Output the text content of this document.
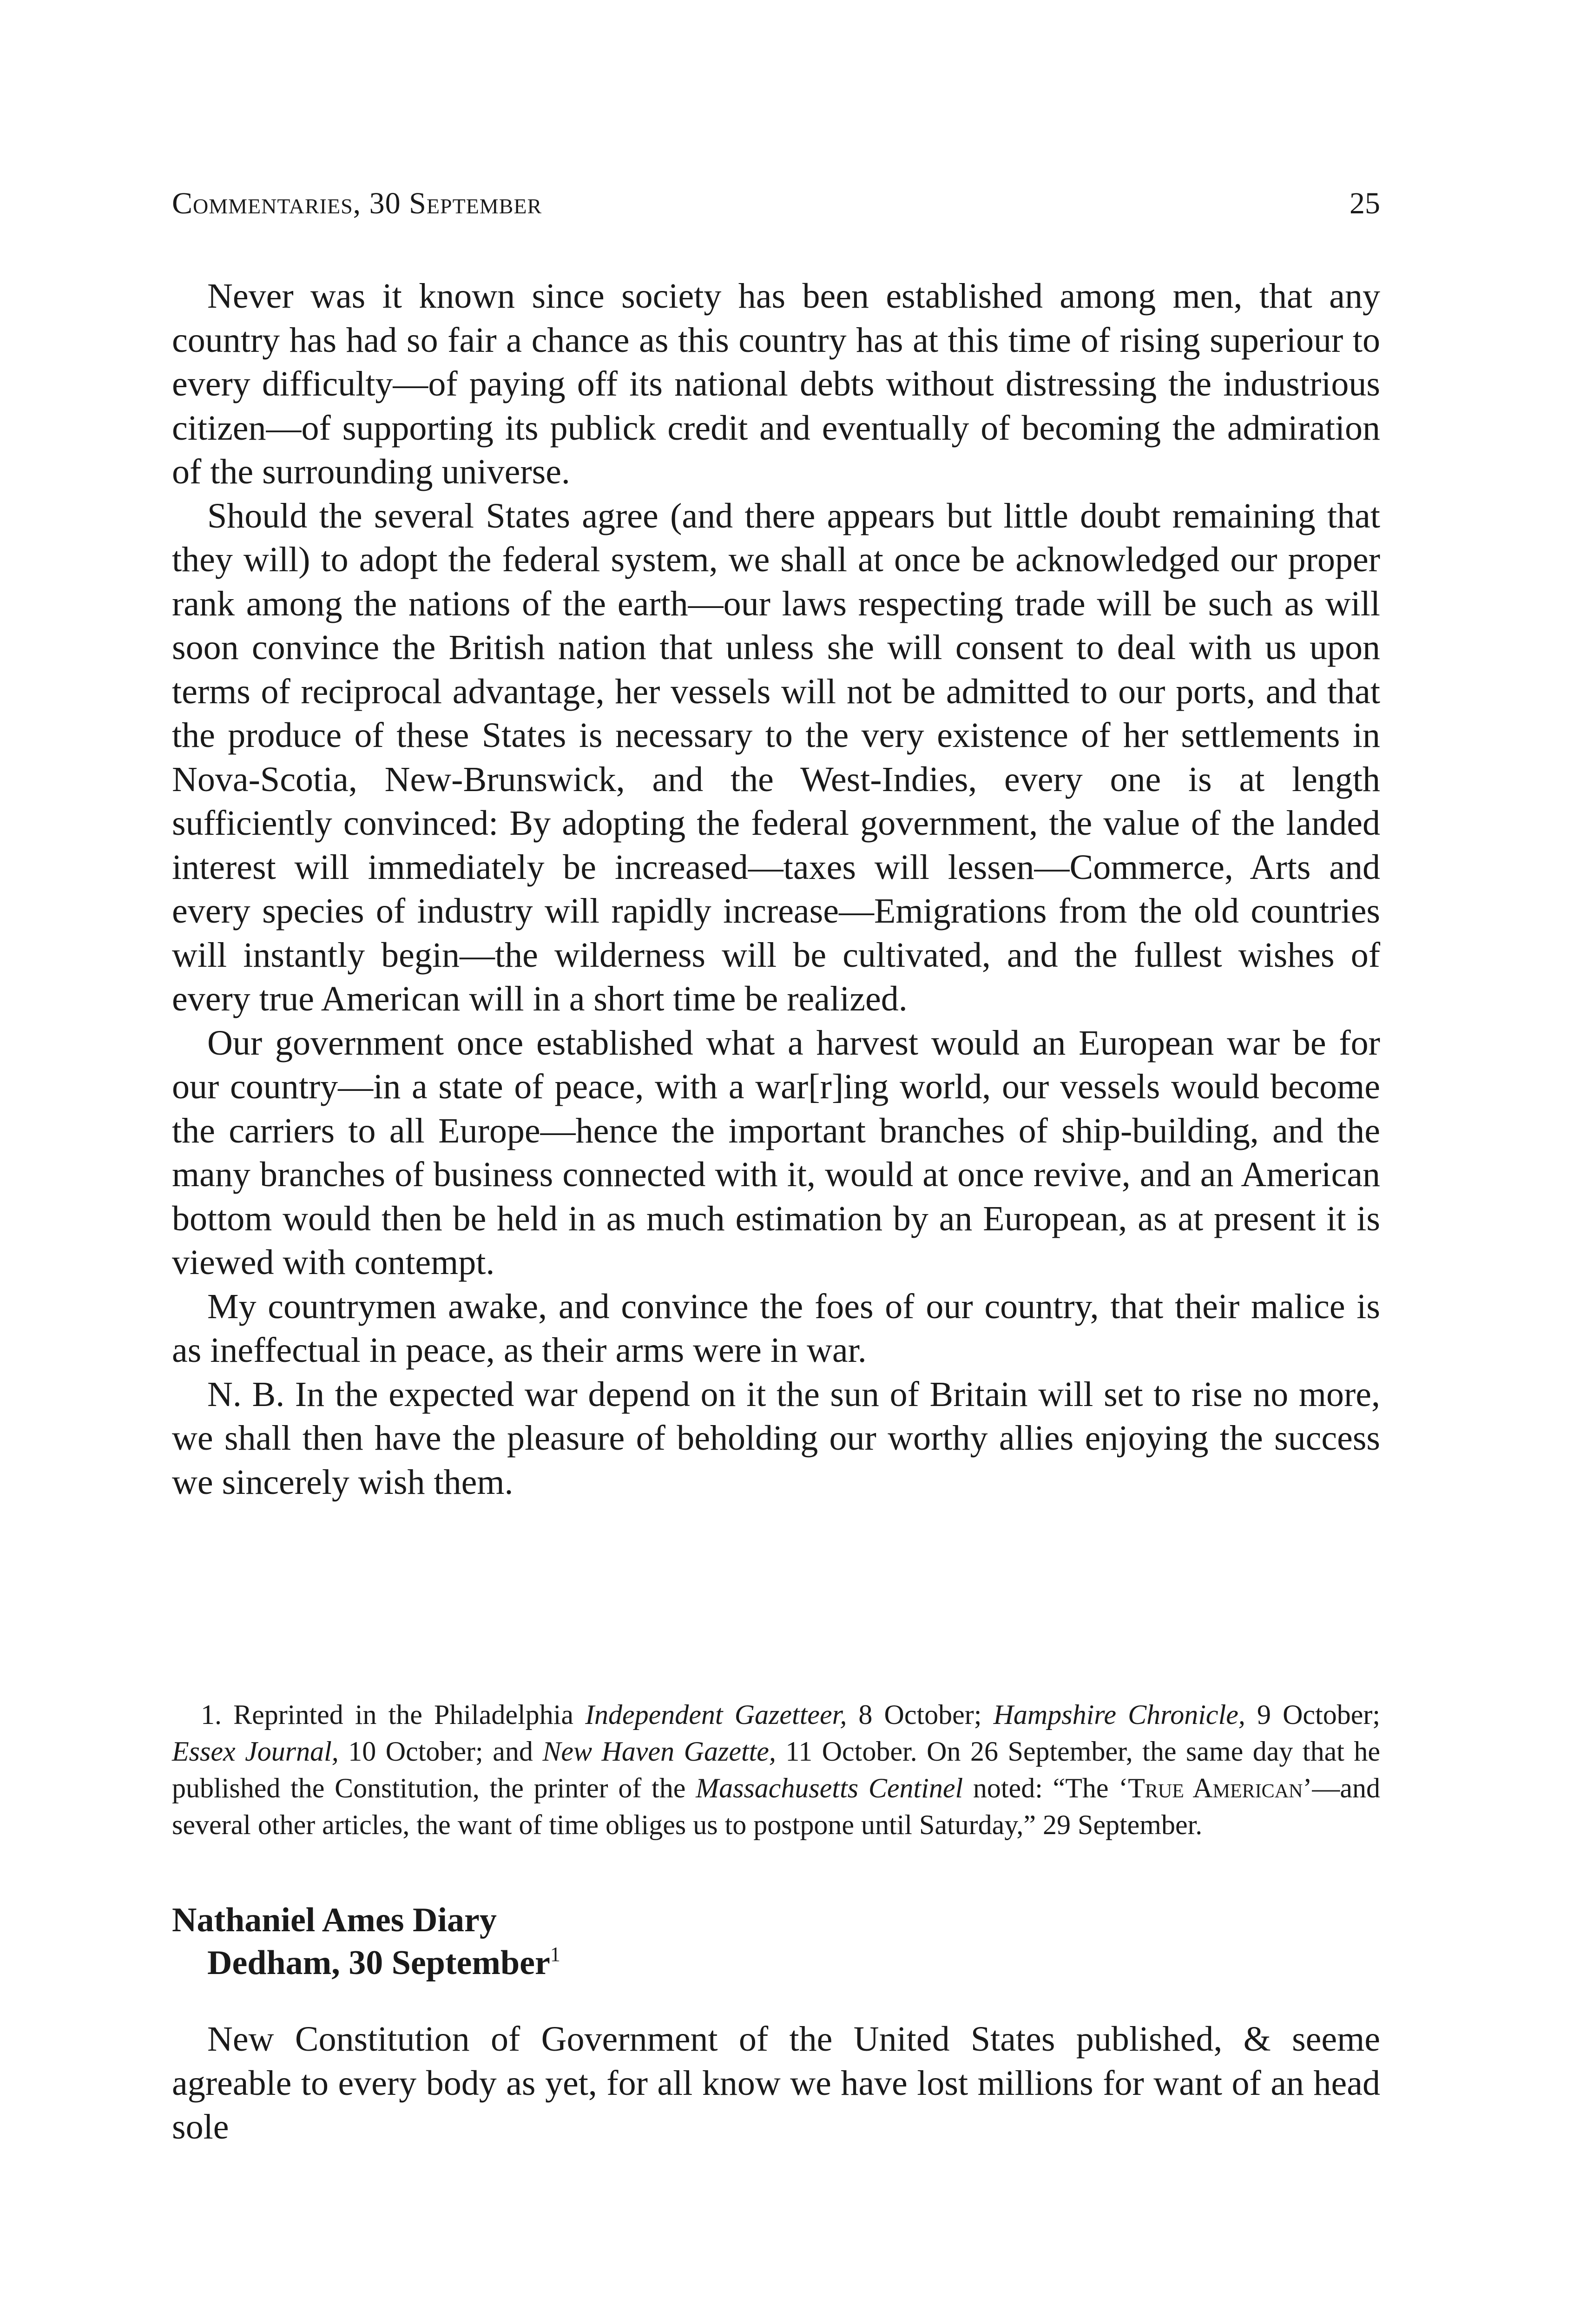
Commentaries, 30 September	25

Never was it known since society has been established among men, that any country has had so fair a chance as this country has at this time of rising superiour to every difficulty—of paying off its national debts without distressing the industrious citizen—of supporting its publick credit and eventually of becoming the admiration of the surrounding universe.

Should the several States agree (and there appears but little doubt remaining that they will) to adopt the federal system, we shall at once be acknowledged our proper rank among the nations of the earth—our laws respecting trade will be such as will soon convince the British nation that unless she will consent to deal with us upon terms of reciprocal advantage, her vessels will not be admitted to our ports, and that the produce of these States is necessary to the very existence of her settlements in Nova-Scotia, New-Brunswick, and the West-Indies, every one is at length sufficiently convinced: By adopting the federal government, the value of the landed interest will immediately be increased—taxes will lessen—Commerce, Arts and every species of industry will rapidly increase—Emigrations from the old countries will instantly begin—the wilderness will be cultivated, and the fullest wishes of every true American will in a short time be realized.

Our government once established what a harvest would an European war be for our country—in a state of peace, with a war[r]ing world, our vessels would become the carriers to all Europe—hence the important branches of ship-building, and the many branches of business connected with it, would at once revive, and an American bottom would then be held in as much estimation by an European, as at present it is viewed with contempt.

My countrymen awake, and convince the foes of our country, that their malice is as ineffectual in peace, as their arms were in war.

N. B. In the expected war depend on it the sun of Britain will set to rise no more, we shall then have the pleasure of beholding our worthy allies enjoying the success we sincerely wish them.

1. Reprinted in the Philadelphia Independent Gazetteer, 8 October; Hampshire Chronicle, 9 October; Essex Journal, 10 October; and New Haven Gazette, 11 October. On 26 September, the same day that he published the Constitution, the printer of the Massachusetts Centinel noted: “The ‘True American’—and several other articles, the want of time obliges us to postpone until Saturday,” 29 September.

Nathaniel Ames Diary
Dedham, 30 September$^1$

New Constitution of Government of the United States published, & seeme agreable to every body as yet, for all know we have lost millions for want of an head sole
